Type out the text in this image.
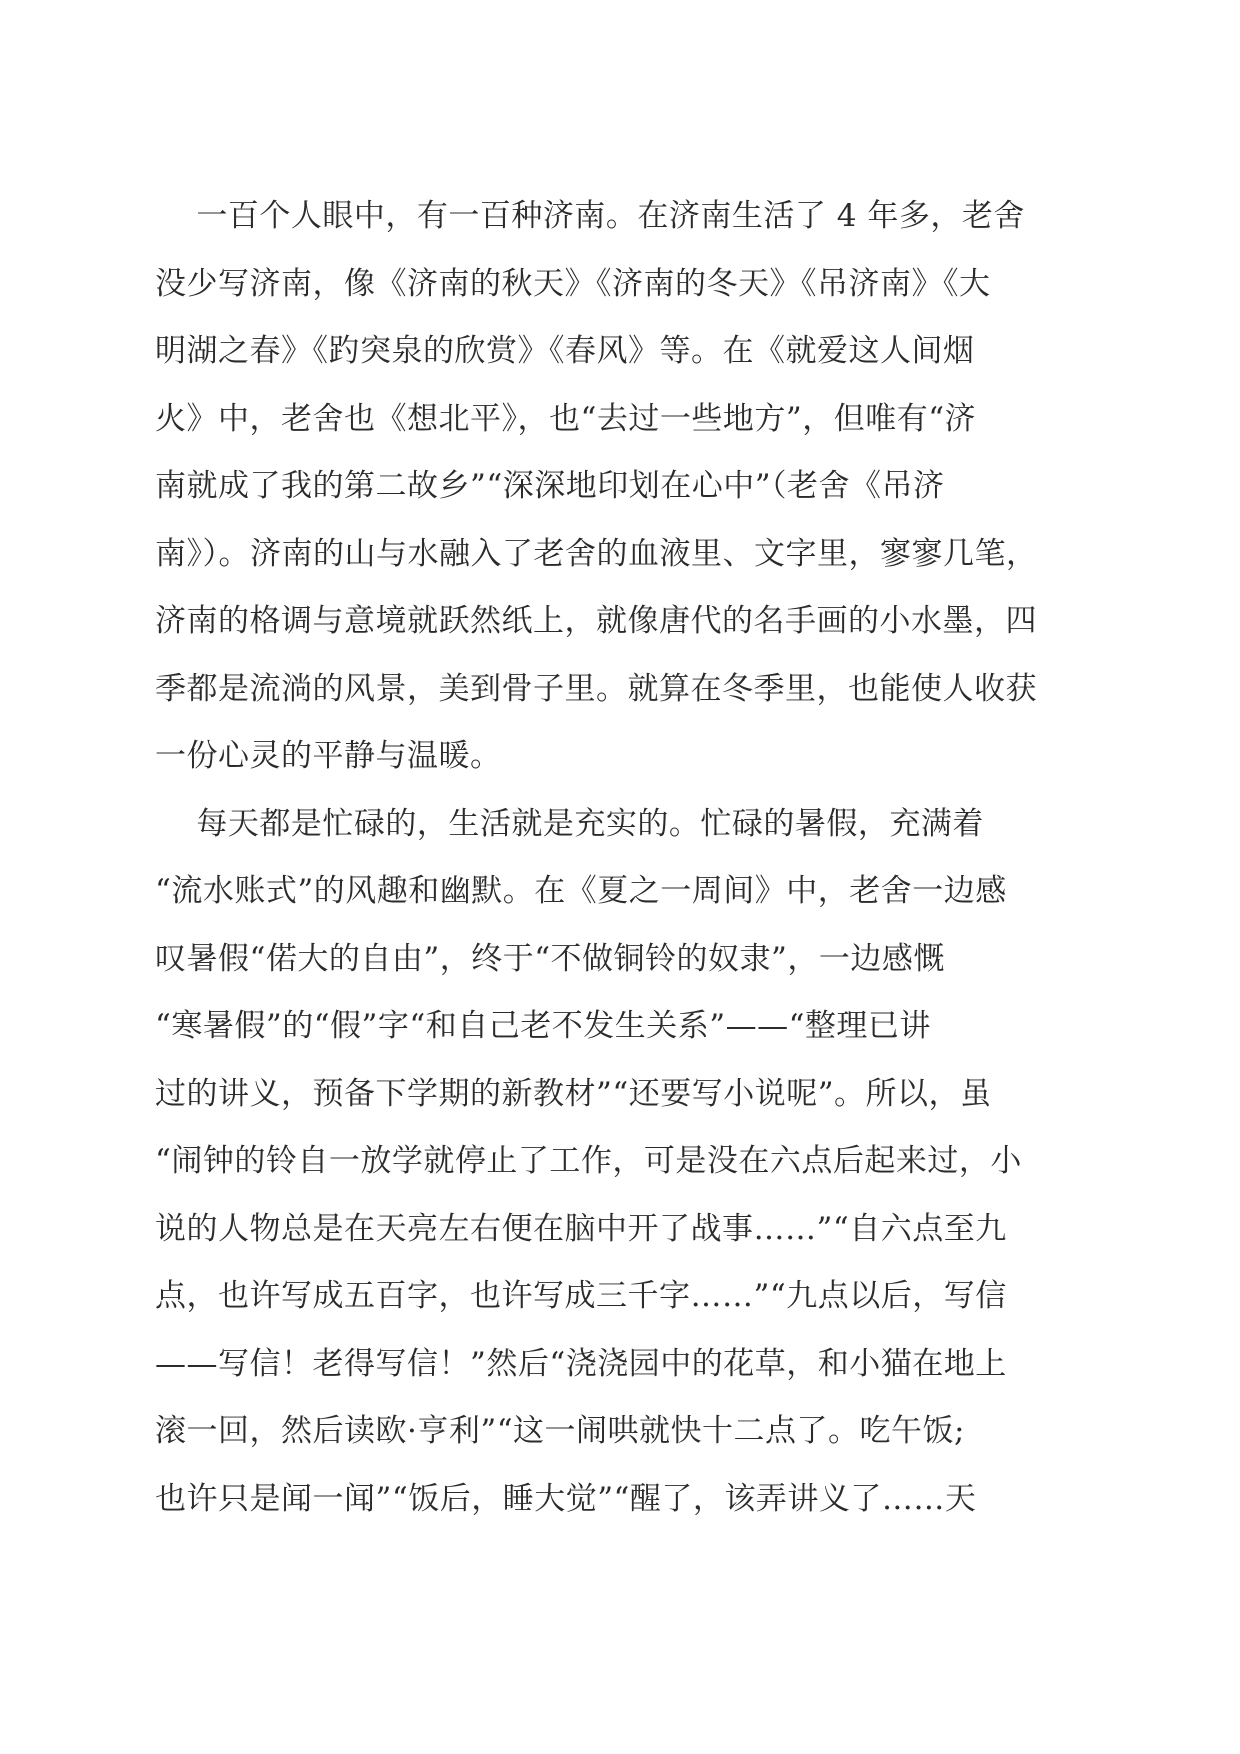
一百个人眼中，有一百种济南。在济南生活了 4 年多，老舍
没少写济南，像《济南的秋天》《济南的冬天》《吊济南》《大
明湖之春》《趵突泉的欣赏》《春风》等。在《就爱这人间烟
火》中，老舍也《想北平》，也“去过一些地方”，但唯有“济
南就成了我的第二故乡”“深深地印划在心中”（老舍《吊济
南》）。济南的山与水融入了老舍的血液里、文字里，寥寥几笔，
济南的格调与意境就跃然纸上，就像唐代的名手画的小水墨，四
季都是流淌的风景，美到骨子里。就算在冬季里，也能使人收获
一份心灵的平静与温暖。
每天都是忙碌的，生活就是充实的。忙碌的暑假，充满着
“流水账式”的风趣和幽默。在《夏之一周间》中，老舍一边感
叹暑假“偌大的自由”，终于“不做铜铃的奴隶”，一边感慨
“寒暑假”的“假”字“和自己老不发生关系”——“整理已讲
过的讲义，预备下学期的新教材”“还要写小说呢”。所以，虽
“闹钟的铃自一放学就停止了工作，可是没在六点后起来过，小
说的人物总是在天亮左右便在脑中开了战事……”“自六点至九
点，也许写成五百字，也许写成三千字……”“九点以后，写信
——写信！老得写信！”然后“浇浇园中的花草，和小猫在地上
滚一回，然后读欧·亨利”“这一闹哄就快十二点了。吃午饭;
也许只是闻一闻”“饭后，睡大觉”“醒了，该弄讲义了……天
